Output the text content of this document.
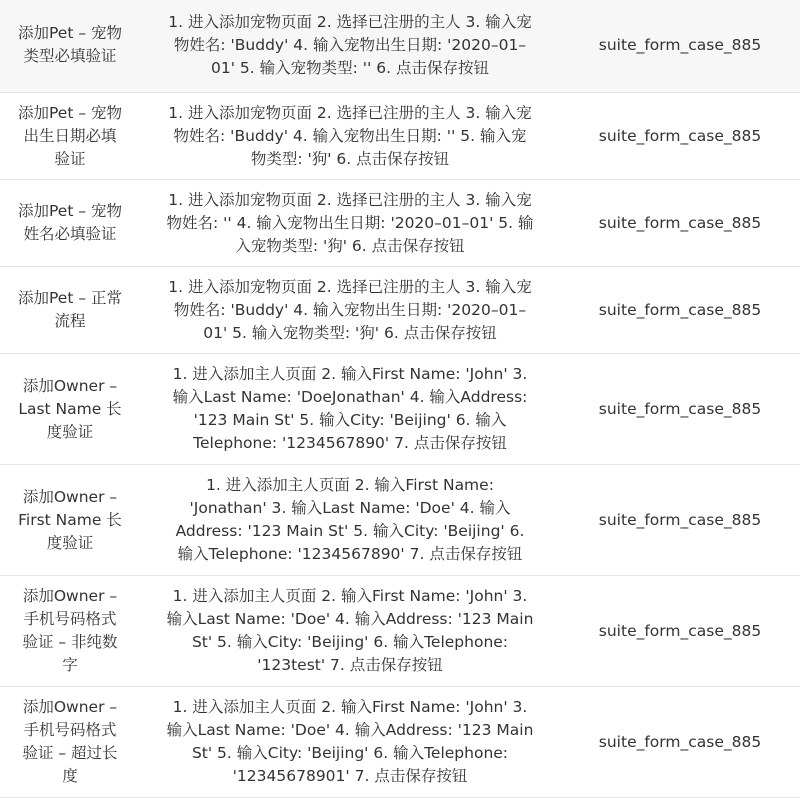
添加Pet – 宠物类型必填验证	1. 进入添加宠物页面 2. 选择已注册的主人 3. 输入宠物姓名: 'Buddy' 4. 输入宠物出生日期: '2020–01–01' 5. 输入宠物类型: '' 6. 点击保存按钮	suite_form_case_885
添加Pet – 宠物出生日期必填验证	1. 进入添加宠物页面 2. 选择已注册的主人 3. 输入宠物姓名: 'Buddy' 4. 输入宠物出生日期: '' 5. 输入宠物类型: '狗' 6. 点击保存按钮	suite_form_case_885
添加Pet – 宠物姓名必填验证	1. 进入添加宠物页面 2. 选择已注册的主人 3. 输入宠物姓名: '' 4. 输入宠物出生日期: '2020–01–01' 5. 输入宠物类型: '狗' 6. 点击保存按钮	suite_form_case_885
添加Pet – 正常流程	1. 进入添加宠物页面 2. 选择已注册的主人 3. 输入宠物姓名: 'Buddy' 4. 输入宠物出生日期: '2020–01–01' 5. 输入宠物类型: '狗' 6. 点击保存按钮	suite_form_case_885
添加Owner – Last Name 长度验证	1. 进入添加主人页面 2. 输入First Name: 'John' 3. 输入Last Name: 'DoeJonathan' 4. 输入Address: '123 Main St' 5. 输入City: 'Beijing' 6. 输入Telephone: '1234567890' 7. 点击保存按钮	suite_form_case_885
添加Owner – First Name 长度验证	1. 进入添加主人页面 2. 输入First Name: 'Jonathan' 3. 输入Last Name: 'Doe' 4. 输入Address: '123 Main St' 5. 输入City: 'Beijing' 6. 输入Telephone: '1234567890' 7. 点击保存按钮	suite_form_case_885
添加Owner – 手机号码格式验证 – 非纯数字	1. 进入添加主人页面 2. 输入First Name: 'John' 3. 输入Last Name: 'Doe' 4. 输入Address: '123 Main St' 5. 输入City: 'Beijing' 6. 输入Telephone: '123test' 7. 点击保存按钮	suite_form_case_885
添加Owner – 手机号码格式验证 – 超过长度	1. 进入添加主人页面 2. 输入First Name: 'John' 3. 输入Last Name: 'Doe' 4. 输入Address: '123 Main St' 5. 输入City: 'Beijing' 6. 输入Telephone: '12345678901' 7. 点击保存按钮	suite_form_case_885
